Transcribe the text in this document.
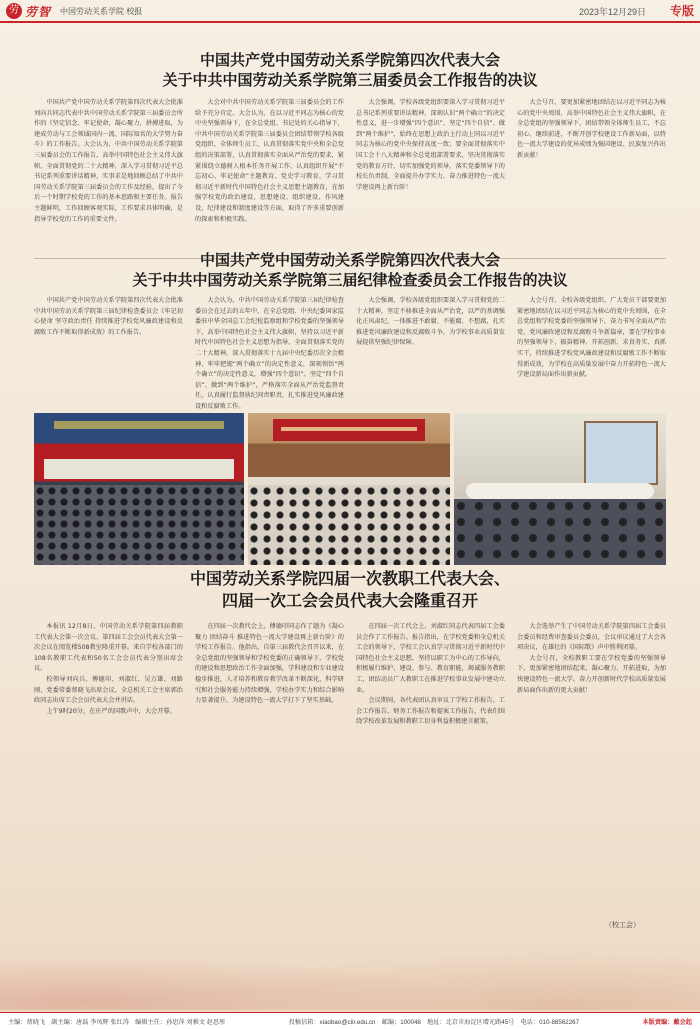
劳 劳智 中国劳动关系学院 校报	2023年12月29日 专版
中国共产党中国劳动关系学院第四次代表大会
关于中共中国劳动关系学院第三届委员会工作报告的决议

中国共产党中国劳动关系学院第四次代表大会批准刘向兵同志代表中共中国劳动关系学院第三届委员会所作的《坚定信念、牢记使命，凝心聚力，拼搏进取，为建成劳动与工会领域国内一流、国际知名的大学努力奋斗》的工作报告。大会认为，中共中国劳动关系学院第三届委员会的工作报告，高举中国特色社会主义伟大旗帜，全面贯彻党的二十大精神，深入学习贯彻习近平总书记系列重要讲话精神，实事求是地回顾总结了中共中国劳动关系学院第三届委员会的工作及经验，提出了今后一个时期学校党的工作的基本思路和主要任务。报告主题鲜明，工作回顾客观实际，工作要求具体明确，是指导学校党的工作的重要文件。

大会对中共中国劳动关系学院第三届委员会的工作给予充分肯定。大会认为，在以习近平同志为核心的党中央坚强领导下，在全总党组、书记处的关心指导下，中共中国劳动关系学院第三届委员会团结带领学校各级党组织、全体师生员工，认真贯彻落实党中央和全总党组的决策部署，认真贯彻落实全面从严治党的要求，紧紧围绕立德树人根本任务开展工作，认真组织开展“不忘初心、牢记使命”主题教育、党史学习教育、学习贯彻习近平新时代中国特色社会主义思想主题教育，在加强学校党的政治建设、思想建设、组织建设、作风建设、纪律建设和制度建设等方面，取得了许多重要创新的探索和积极实践。

大会强调，学校各级党组织要深入学习贯彻习近平总书记系列重要讲话精神，深刻认识“两个确立”的决定性意义，进一步增强“四个意识”、坚定“四个自信”、做到“两个维护”，始终在思想上政治上行动上同以习近平同志为核心的党中央保持高度一致；要全面贯彻落实中国工会十八大精神和全总党组部署要求，坚决贯彻落实党的教育方针，切实加强党的领导，落实党委领导下的校长负责制，全面提升办学实力，奋力推进特色一流大学建设再上新台阶！

大会号召，要更加紧密地团结在以习近平同志为核心的党中央周围，高举中国特色社会主义伟大旗帜，在全总党组的坚强领导下，团结带领全体师生员工，不忘初心、继续前进，不断开创学校建设工作新局面，以特色一流大学建设的优异成绩为强国建设、民族复兴作出新贡献！

中国共产党中国劳动关系学院第四次代表大会
关于中共中国劳动关系学院第三届纪律检查委员会工作报告的决议

中国共产党中国劳动关系学院第四次代表大会批准中共中国劳动关系学院第三届纪律检查委员会《牢记初心使命 坚守政治责任 持续推进学校党风廉政建设和反腐败工作不断取得新成效》的工作报告。

大会认为，中共中国劳动关系学院第三届纪律检查委员会在过去的五年中，在全总党组、中央纪委国家监委驻中华全国总工会纪检监察组和学校党委的坚强领导下，高举中国特色社会主义伟大旗帜，坚持以习近平新时代中国特色社会主义思想为指导，全面贯彻落实党的二十大精神，深入贯彻落实十九届中央纪委历次全会精神，牢牢把握“两个确立”的决定性意义，深刻领悟“两个确立”的决定性意义，增强“四个意识”、坚定“四个自信”、做到“两个维护”，严格落实全面从严治党监督责任，认真履行监督执纪问责职责，扎实推进党风廉政建设和反腐败工作。

大会强调，学校各级党组织要深入学习贯彻党的二十大精神，坚定不移推进全面从严治党，以严的基调强化正风肃纪，一体推进不敢腐、不能腐、不想腐，扎实推进党风廉政建设和反腐败斗争，为学校事业高质量发展提供坚强纪律保障。

大会号召，全校各级党组织、广大党员干部要更加紧密地团结在以习近平同志为核心的党中央周围，在全总党组和学校党委的坚强领导下，奋力书写全面从严治党、党风廉政建设和反腐败斗争新篇章，要在学校事业的坚强领导下，振奋精神、开拓创新、求真务实、真抓实干，持续推进学校党风廉政建设和反腐败工作不断取得新成效，为学校在高质量发展中奋力开拓特色一流大学建设新局面作出新贡献。

中国劳动关系学院四届一次教职工代表大会、
四届一次工会会员代表大会隆重召开

本报讯 12月8日，中国劳动关系学院第四届教职工代表大会第一次会议、第四届工会会员代表大会第一次会议在阅览楼508教室隆重开幕。来自学校各部门的108名教职工代表和50名工会会员代表分别出席会议。

校领导刘向兵、傅德印、刘淑红、吴万雄、刘路刚、党委常委蔡晓飞出席会议，全总机关工会主席郭治政同志出席工会会员代表大会并讲话。

上午9时20分，在庄严的国歌声中，大会开幕。

在四届一次教代会上，傅德印同志作了题为《凝心聚力 团结奋斗 推进特色一流大学建设再上新台阶》的学校工作报告。他指出，自第三届教代会召开以来，在全总党组的坚强领导和学校党委的正确领导下，学校党的建设和思想政治工作全面加强，学科建设和专业建设稳步推进，人才培养和教育教学改革不断深化，科学研究和社会服务能力持续增强，学校办学实力和综合影响力显著提升，为建设特色一流大学打下了坚实基础。

在四届一次工代会上，刘淑红同志代表四届工会委员会作了工作报告。报告指出，在学校党委和全总机关工会的领导下，学校工会认真学习贯彻习近平新时代中国特色社会主义思想，坚持以职工为中心的工作导向，积极履行维护、建设、参与、教育职能，竭诚服务教职工，团结动员广大教职工在推进学校事业发展中建功立业。

会议期间，各代表团认真审议了学校工作报告、工会工作报告、财务工作报告和提案工作报告，代表们围绕学校改革发展和教职工切身利益积极建言献策。

大会选举产生了中国劳动关系学院第四届工会委员会委员和经费审查委员会委员，会议审议通过了大会各项决议，在雄壮的《国际歌》声中胜利闭幕。

大会号召，全校教职工要在学校党委的坚强领导下，更加紧密地团结起来，凝心聚力、开拓进取，为加快建设特色一流大学、奋力开创新时代学校高质量发展新局面作出新的更大贡献！

（校工会）
主编：蔡晓飞　副主编：唐磊 李凤辉 张红涛　编辑主任：孙思萍 刘雅文 赵思彤	投稿信箱：xiaobao@ciir.edu.cn　邮编：100048　地址：北京市海淀区增光路45号　电话：010-88562267	本版责编：戴会起
